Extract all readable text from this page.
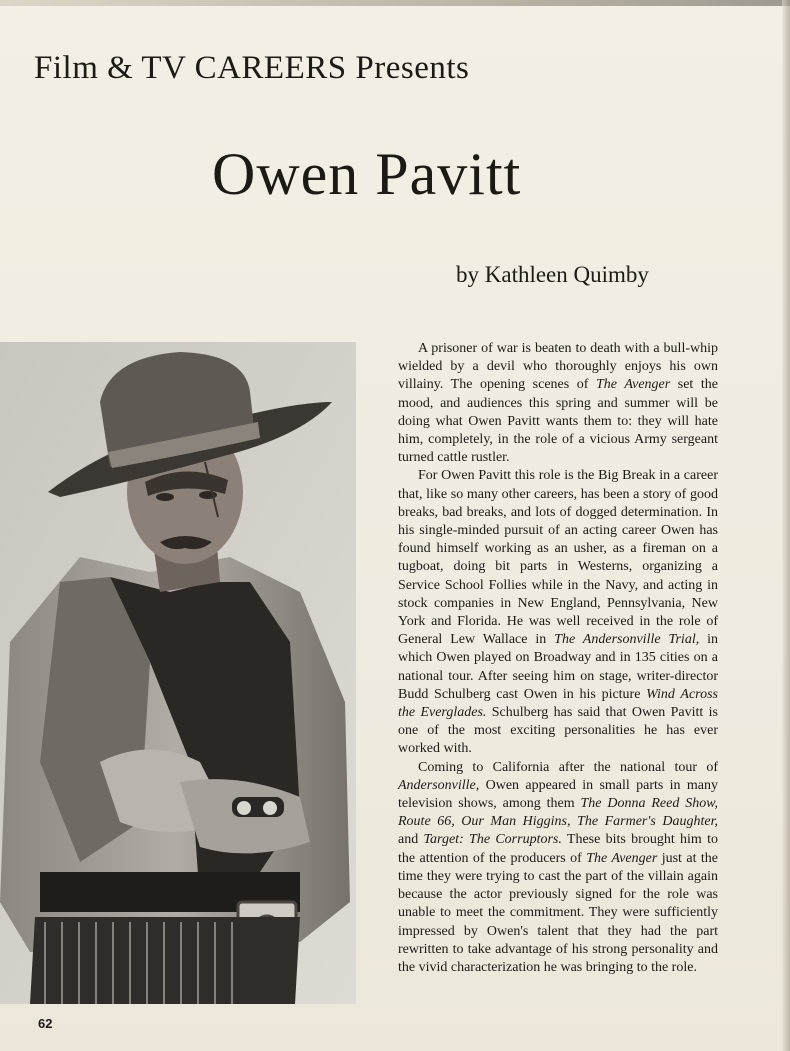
Film & TV CAREERS Presents
Owen Pavitt
by Kathleen Quimby

A prisoner of war is beaten to death with a bull-whip wielded by a devil who thoroughly enjoys his own villainy. The opening scenes of The Avenger set the mood, and audiences this spring and summer will be doing what Owen Pavitt wants them to: they will hate him, completely, in the role of a vicious Army sergeant turned cattle rustler.

For Owen Pavitt this role is the Big Break in a career that, like so many other careers, has been a story of good breaks, bad breaks, and lots of dogged determination. In his single-minded pursuit of an acting career Owen has found himself working as an usher, as a fireman on a tugboat, doing bit parts in Westerns, organizing a Service School Follies while in the Navy, and acting in stock companies in New England, Pennsylvania, New York and Florida. He was well received in the role of General Lew Wallace in The Andersonville Trial, in which Owen played on Broadway and in 135 cities on a national tour. After seeing him on stage, writer-director Budd Schulberg cast Owen in his picture Wind Across the Everglades. Schulberg has said that Owen Pavitt is one of the most exciting personalities he has ever worked with.

Coming to California after the national tour of Andersonville, Owen appeared in small parts in many television shows, among them The Donna Reed Show, Route 66, Our Man Higgins, The Farmer's Daughter, and Target: The Corruptors. These bits brought him to the attention of the producers of The Avenger just at the time they were trying to cast the part of the villain again because the actor previously signed for the role was unable to meet the commitment. They were sufficiently impressed by Owen's talent that they had the part rewritten to take advantage of his strong personality and the vivid characterization he was bringing to the role.

62
